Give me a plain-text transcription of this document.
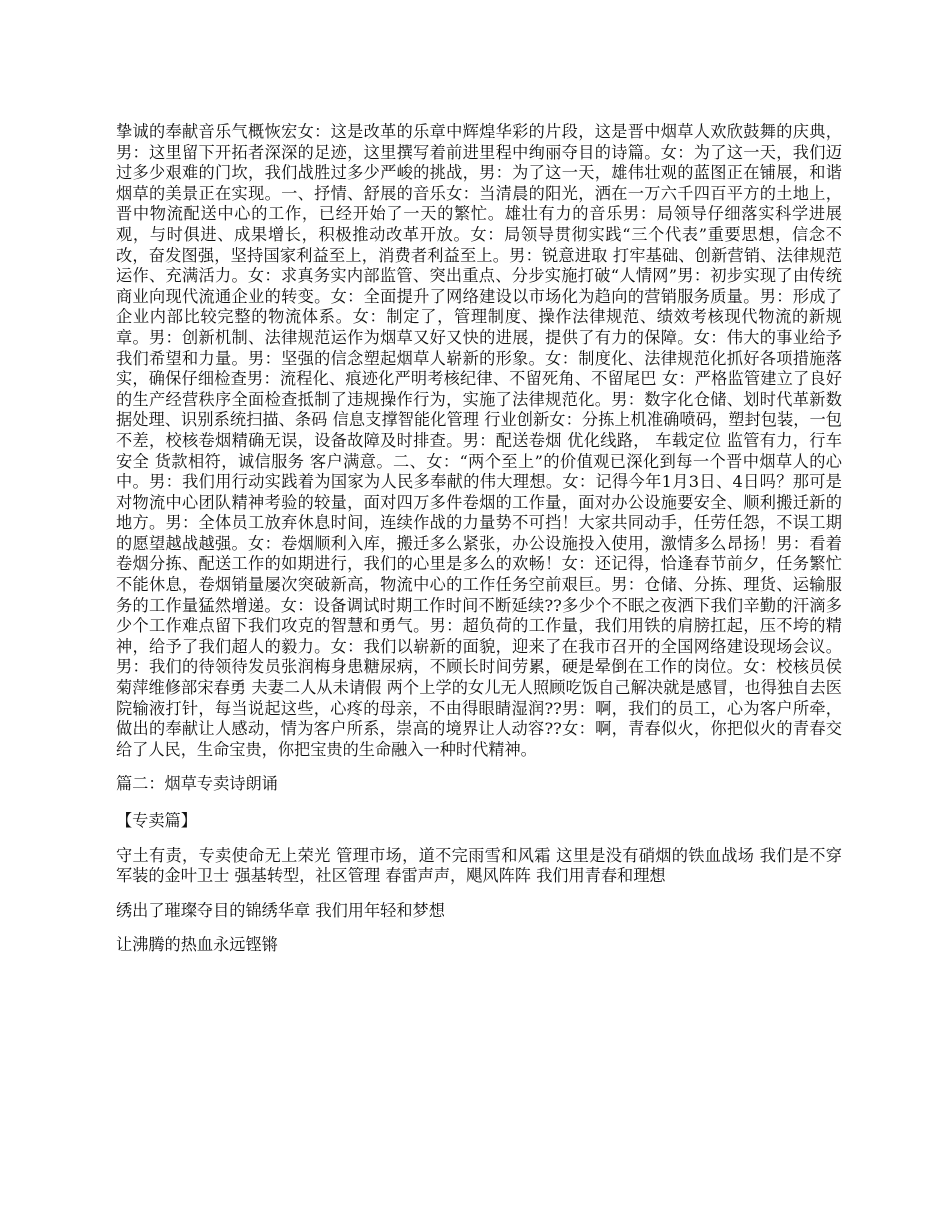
挚诚的奉献音乐气概恢宏女：这是改革的乐章中辉煌华彩的片段，这是晋中烟草人欢欣鼓舞的庆典，男：这里留下开拓者深深的足迹，这里撰写着前进里程中绚丽夺目的诗篇。女：为了这一天，我们迈过多少艰难的门坎，我们战胜过多少严峻的挑战，男：为了这一天，雄伟壮观的蓝图正在铺展，和谐烟草的美景正在实现。一、抒情、舒展的音乐女：当清晨的阳光，洒在一万六千四百平方的土地上，晋中物流配送中心的工作，已经开始了一天的繁忙。雄壮有力的音乐男：局领导仔细落实科学进展观，与时俱进、成果增长，积极推动改革开放。女：局领导贯彻实践“三个代表”重要思想，信念不改，奋发图强，坚持国家利益至上，消费者利益至上。男：锐意进取 打牢基础、创新营销、法律规范运作、充满活力。女：求真务实内部监管、突出重点、分步实施打破“人情网”男：初步实现了由传统商业向现代流通企业的转变。女：全面提升了网络建设以市场化为趋向的营销服务质量。男：形成了企业内部比较完整的物流体系。女：制定了，管理制度、操作法律规范、绩效考核现代物流的新规章。男：创新机制、法律规范运作为烟草又好又快的进展，提供了有力的保障。女：伟大的事业给予我们希望和力量。男：坚强的信念塑起烟草人崭新的形象。女：制度化、法律规范化抓好各项措施落实，确保仔细检查男：流程化、痕迹化严明考核纪律、不留死角、不留尾巴 女：严格监管建立了良好的生产经营秩序全面检查抵制了违规操作行为，实施了法律规范化。男：数字化仓储、划时代革新数据处理、识别系统扫描、条码 信息支撑智能化管理 行业创新女：分拣上机准确喷码，塑封包装，一包不差，校核卷烟精确无误，设备故障及时排查。男：配送卷烟 优化线路， 车载定位 监管有力，行车安全 货款相符，诚信服务 客户满意。二、女：“两个至上”的价值观已深化到每一个晋中烟草人的心中。男：我们用行动实践着为国家为人民多奉献的伟大理想。女：记得今年1月3日、4日吗？那可是对物流中心团队精神考验的较量，面对四万多件卷烟的工作量，面对办公设施要安全、顺利搬迁新的地方。男：全体员工放弃休息时间，连续作战的力量势不可挡！大家共同动手，任劳任怨，不误工期的愿望越战越强。女：卷烟顺利入库，搬迁多么紧张，办公设施投入使用，激情多么昂扬！男：看着卷烟分拣、配送工作的如期进行，我们的心里是多么的欢畅！女：还记得，恰逢春节前夕，任务繁忙不能休息，卷烟销量屡次突破新高，物流中心的工作任务空前艰巨。男：仓储、分拣、理货、运输服务的工作量猛然增递。女：设备调试时期工作时间不断延续??多少个不眠之夜洒下我们辛勤的汗滴多少个工作难点留下我们攻克的智慧和勇气。男：超负荷的工作量，我们用铁的肩膀扛起，压不垮的精神，给予了我们超人的毅力。女：我们以崭新的面貌，迎来了在我市召开的全国网络建设现场会议。男：我们的待领待发员张润梅身患糖尿病，不顾长时间劳累，硬是晕倒在工作的岗位。女：校核员侯菊萍维修部宋春勇 夫妻二人从未请假 两个上学的女儿无人照顾吃饭自己解决就是感冒，也得独自去医院输液打针，每当说起这些，心疼的母亲，不由得眼睛湿润??男：啊，我们的员工，心为客户所牵，做出的奉献让人感动，情为客户所系，崇高的境界让人动容??女：啊，青春似火，你把似火的青春交给了人民，生命宝贵，你把宝贵的生命融入一种时代精神。

篇二：烟草专卖诗朗诵

【专卖篇】

守土有责，专卖使命无上荣光 管理市场，道不完雨雪和风霜 这里是没有硝烟的铁血战场 我们是不穿军装的金叶卫士 强基转型，社区管理 春雷声声，飓风阵阵 我们用青春和理想

绣出了璀璨夺目的锦绣华章 我们用年轻和梦想

让沸腾的热血永远铿锵
